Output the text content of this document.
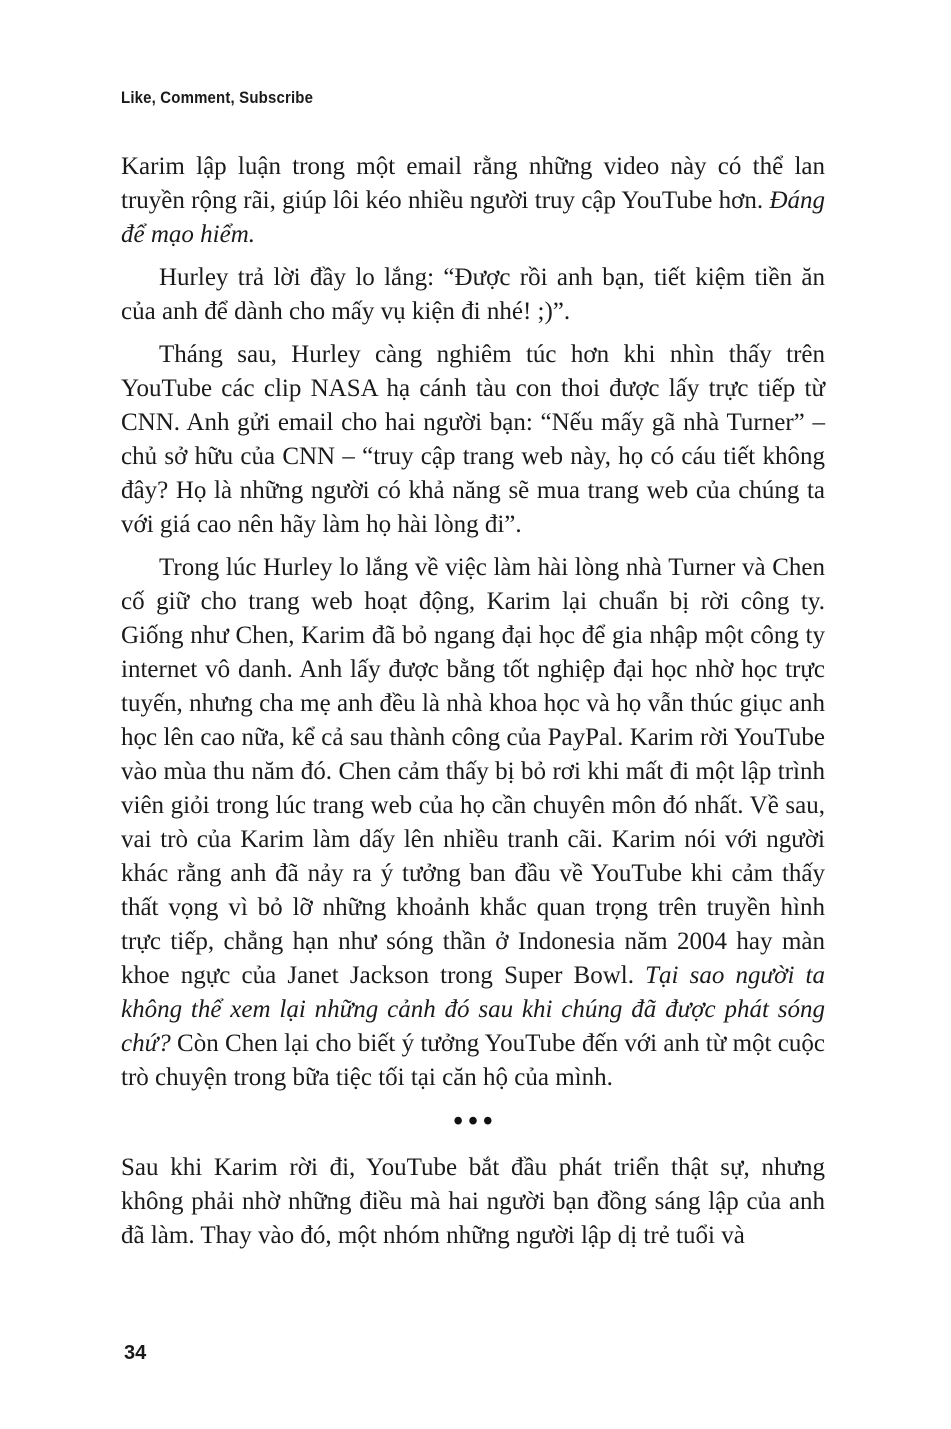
Like, Comment, Subscribe

Karim lập luận trong một email rằng những video này có thể lan truyền rộng rãi, giúp lôi kéo nhiều người truy cập YouTube hơn. Đáng để mạo hiểm.

Hurley trả lời đầy lo lắng: “Được rồi anh bạn, tiết kiệm tiền ăn của anh để dành cho mấy vụ kiện đi nhé! ;)”.

Tháng sau, Hurley càng nghiêm túc hơn khi nhìn thấy trên YouTube các clip NASA hạ cánh tàu con thoi được lấy trực tiếp từ CNN. Anh gửi email cho hai người bạn: “Nếu mấy gã nhà Turner” – chủ sở hữu của CNN – “truy cập trang web này, họ có cáu tiết không đây? Họ là những người có khả năng sẽ mua trang web của chúng ta với giá cao nên hãy làm họ hài lòng đi”.

Trong lúc Hurley lo lắng về việc làm hài lòng nhà Turner và Chen cố giữ cho trang web hoạt động, Karim lại chuẩn bị rời công ty. Giống như Chen, Karim đã bỏ ngang đại học để gia nhập một công ty internet vô danh. Anh lấy được bằng tốt nghiệp đại học nhờ học trực tuyến, nhưng cha mẹ anh đều là nhà khoa học và họ vẫn thúc giục anh học lên cao nữa, kể cả sau thành công của PayPal. Karim rời YouTube vào mùa thu năm đó. Chen cảm thấy bị bỏ rơi khi mất đi một lập trình viên giỏi trong lúc trang web của họ cần chuyên môn đó nhất. Về sau, vai trò của Karim làm dấy lên nhiều tranh cãi. Karim nói với người khác rằng anh đã nảy ra ý tưởng ban đầu về YouTube khi cảm thấy thất vọng vì bỏ lỡ những khoảnh khắc quan trọng trên truyền hình trực tiếp, chẳng hạn như sóng thần ở Indonesia năm 2004 hay màn khoe ngực của Janet Jackson trong Super Bowl. Tại sao người ta không thể xem lại những cảnh đó sau khi chúng đã được phát sóng chứ? Còn Chen lại cho biết ý tưởng YouTube đến với anh từ một cuộc trò chuyện trong bữa tiệc tối tại căn hộ của mình.

•••

Sau khi Karim rời đi, YouTube bắt đầu phát triển thật sự, nhưng không phải nhờ những điều mà hai người bạn đồng sáng lập của anh đã làm. Thay vào đó, một nhóm những người lập dị trẻ tuổi và

34
